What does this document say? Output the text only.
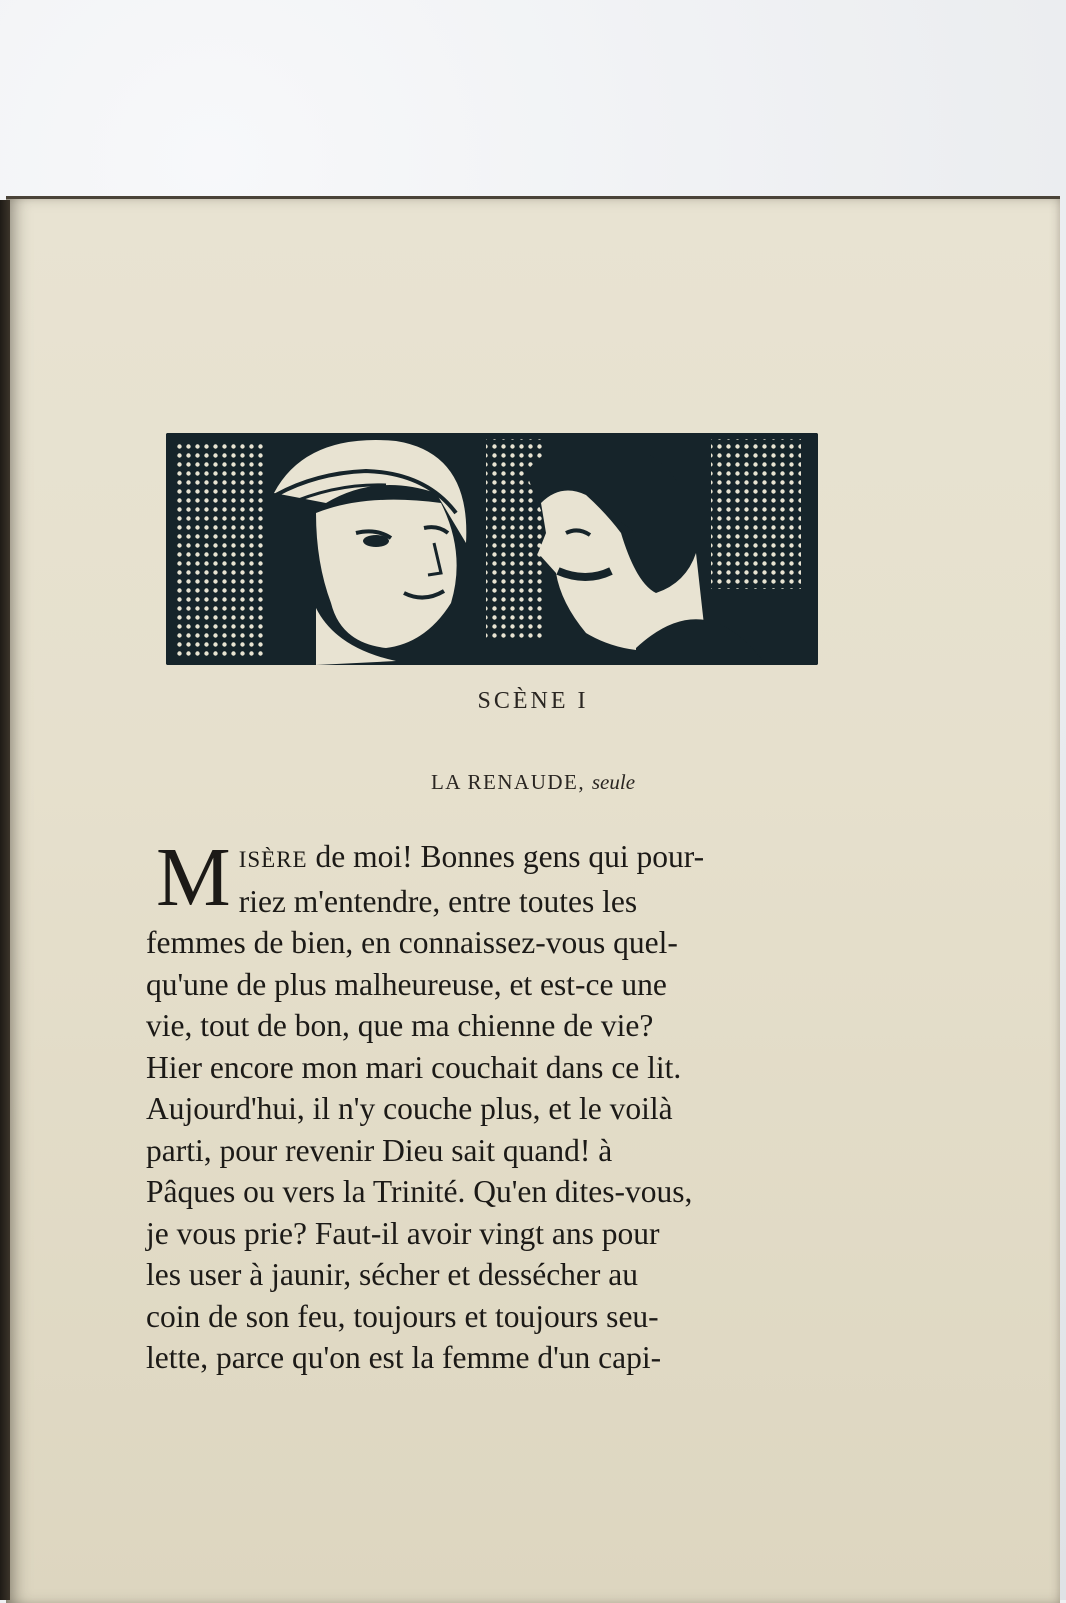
SCÈNE I
LA RENAUDE, seule
M ISÈRE de moi! Bonnes gens qui pour-
riez m'entendre, entre toutes les
femmes de bien, en connaissez-vous quel-
qu'une de plus malheureuse, et est-ce une
vie, tout de bon, que ma chienne de vie?
Hier encore mon mari couchait dans ce lit.
Aujourd'hui, il n'y couche plus, et le voilà
parti, pour revenir Dieu sait quand! à
Pâques ou vers la Trinité. Qu'en dites-vous,
je vous prie? Faut-il avoir vingt ans pour
les user à jaunir, sécher et dessécher au
coin de son feu, toujours et toujours seu-
lette, parce qu'on est la femme d'un capi-
